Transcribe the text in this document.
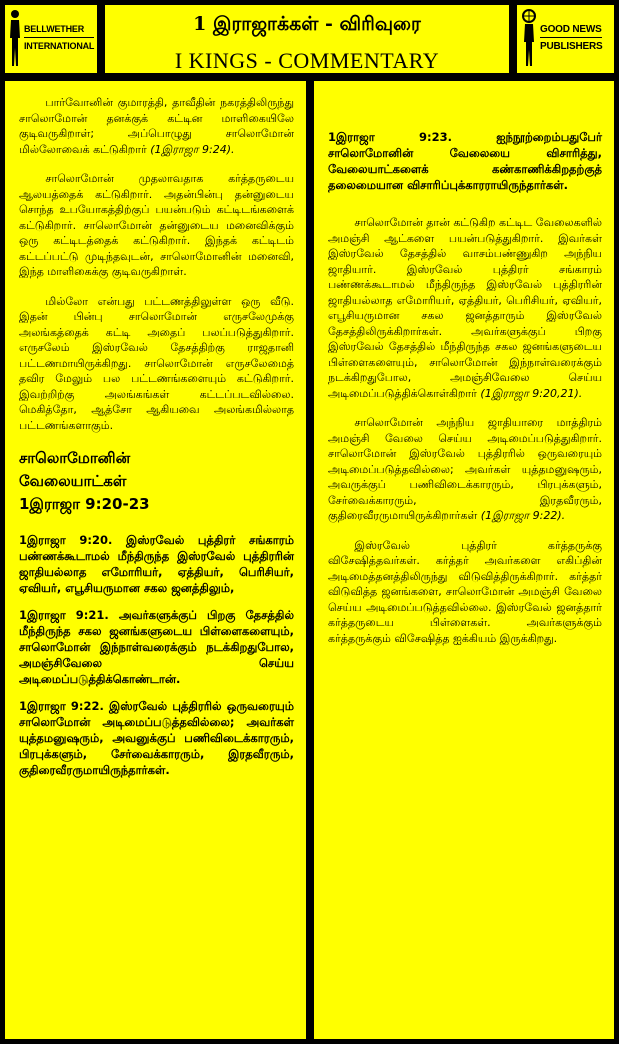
BELLWETHER
INTERNATIONAL
1 இராஜாக்கள் - விரிவுரை
I KINGS - COMMENTARY
GOOD NEWS
PUBLISHERS

பார்வோனின் குமாரத்தி, தாவீதின் நகரத்திலிருந்து சாலொமோன் தனக்குக் கட்டின மாளிகையிலே குடிவருகிறாள்; அப்பொழுது சாலொமோன் மில்லோவைக் கட்டுகிறார் (1இராஜா 9:24).

சாலொமோன் முதலாவதாக கர்த்தருடைய ஆலயத்தைக் கட்டுகிறார். அதன்பின்பு தன்னுடைய சொந்த உபயோகத்திற்குப் பயன்படும் கட்டிடங்களைக் கட்டுகிறார். சாலொமோன் தன்னுடைய மனைவிக்கும் ஒரு கட்டிடத்தைக் கட்டுகிறார். இந்தக் கட்டிடம் கட்டப்பட்டு முடிந்தவுடன், சாலொமோனின் மனைவி, இந்த மாளிகைக்கு குடிவருகிறாள்.

மில்லோ என்பது பட்டணத்திலுள்ள ஒரு வீடு. இதன் பின்பு சாலொமோன் எருசலேமுக்கு அலங்கத்தைக் கட்டி அதைப் பலப்படுத்துகிறார். எருசலேம் இஸ்ரவேல் தேசத்திற்கு ராஜதானி பட்டணமாயிருக்கிறது. சாலொமோன் எருசலேமைத் தவிர மேலும் பல பட்டணங்களையும் கட்டுகிறார். இவற்றிற்கு அலங்கங்கள் கட்டப்படவில்லை. மெகித்தோ, ஆத்சோ ஆகியவை அலங்கமில்லாத பட்டணங்களாகும்.

சாலொமோனின்
வேலையாட்கள்
1இராஜா 9:20-23

1இராஜா 9:20. இஸ்ரவேல் புத்திரர் சங்காரம் பண்ணக்கூடாமல் மீந்திருந்த இஸ்ரவேல் புத்திரரின் ஜாதியல்லாத எமோரியர், ஏத்தியர், பெரிசியர், ஏவியர், எபூசியருமான சகல ஜனத்திலும்,

1இராஜா 9:21. அவர்களுக்குப் பிறகு தேசத்தில் மீந்திருந்த சகல ஜனங்களுடைய பிள்ளைகளையும், சாலொமோன் இந்நாள்வரைக்கும் நடக்கிறதுபோல, அமஞ்சிவேலை செய்ய அடிமைப்படுத்திக்கொண்டான்.

1இராஜா 9:22. இஸ்ரவேல் புத்திரரில் ஒருவரையும் சாலொமோன் அடிமைப்படுத்தவில்லை; அவர்கள் யுத்தமனுஷரும், அவனுக்குப் பணிவிடைக்காரரும், பிரபுக்களும், சேர்வைக்காரரும், இரதவீரரும், குதிரைவீரருமாயிருந்தார்கள்.

1இராஜா 9:23. ஐந்நூற்றைம்பதுபேர் சாலொமோனின் வேலையை விசாரித்து, வேலையாட்களைக் கண்காணிக்கிறதற்குத் தலைமையான விசாரிப்புக்காரராயிருந்தார்கள்.

சாலொமோன் தான் கட்டுகிற கட்டிட வேலைகளில் அமஞ்சி ஆட்களை பயன்படுத்துகிறார். இவர்கள் இஸ்ரவேல் தேசத்தில் வாசம்பண்ணுகிற அந்நிய ஜாதியார். இஸ்ரவேல் புத்திரர் சங்காரம் பண்ணக்கூடாமல் மீந்திருந்த இஸ்ரவேல் புத்திரரின் ஜாதியல்லாத எமோரியர், ஏத்தியர், பெரிசியர், ஏவியர், எபூசியருமான சகல ஜனத்தாரும் இஸ்ரவேல் தேசத்திலிருக்கிறார்கள். அவர்களுக்குப் பிறகு இஸ்ரவேல் தேசத்தில் மீந்திருந்த சகல ஜனங்களுடைய பிள்ளைகளையும், சாலொமோன் இந்நாள்வரைக்கும் நடக்கிறதுபோல, அமஞ்சிவேலை செய்ய அடிமைப்படுத்திக்கொள்கிறார் (1இராஜா 9:20,21).

சாலொமோன் அந்நிய ஜாதியாரை மாத்திரம் அமஞ்சி வேலை செய்ய அடிமைப்படுத்துகிறார். சாலொமோன் இஸ்ரவேல் புத்திரரில் ஒருவரையும் அடிமைப்படுத்தவில்லை; அவர்கள் யுத்தமனுஷரும், அவருக்குப் பணிவிடைக்காரரும், பிரபுக்களும், சேர்வைக்காரரும், இரதவீரரும், குதிரைவீரருமாயிருக்கிறார்கள் (1இராஜா 9:22).

இஸ்ரவேல் புத்திரர் கர்த்தருக்கு விசேஷித்தவர்கள். கர்த்தர் அவர்களை எகிப்தின் அடிமைத்தனத்திலிருந்து விடுவித்திருக்கிறார். கர்த்தர் விடுவித்த ஜனங்களை, சாலொமோன் அமஞ்சி வேலை செய்ய அடிமைப்படுத்தவில்லை. இஸ்ரவேல் ஜனத்தார் கர்த்தருடைய பிள்ளைகள். அவர்களுக்கும் கர்த்தருக்கும் விசேஷித்த ஐக்கியம் இருக்கிறது.
